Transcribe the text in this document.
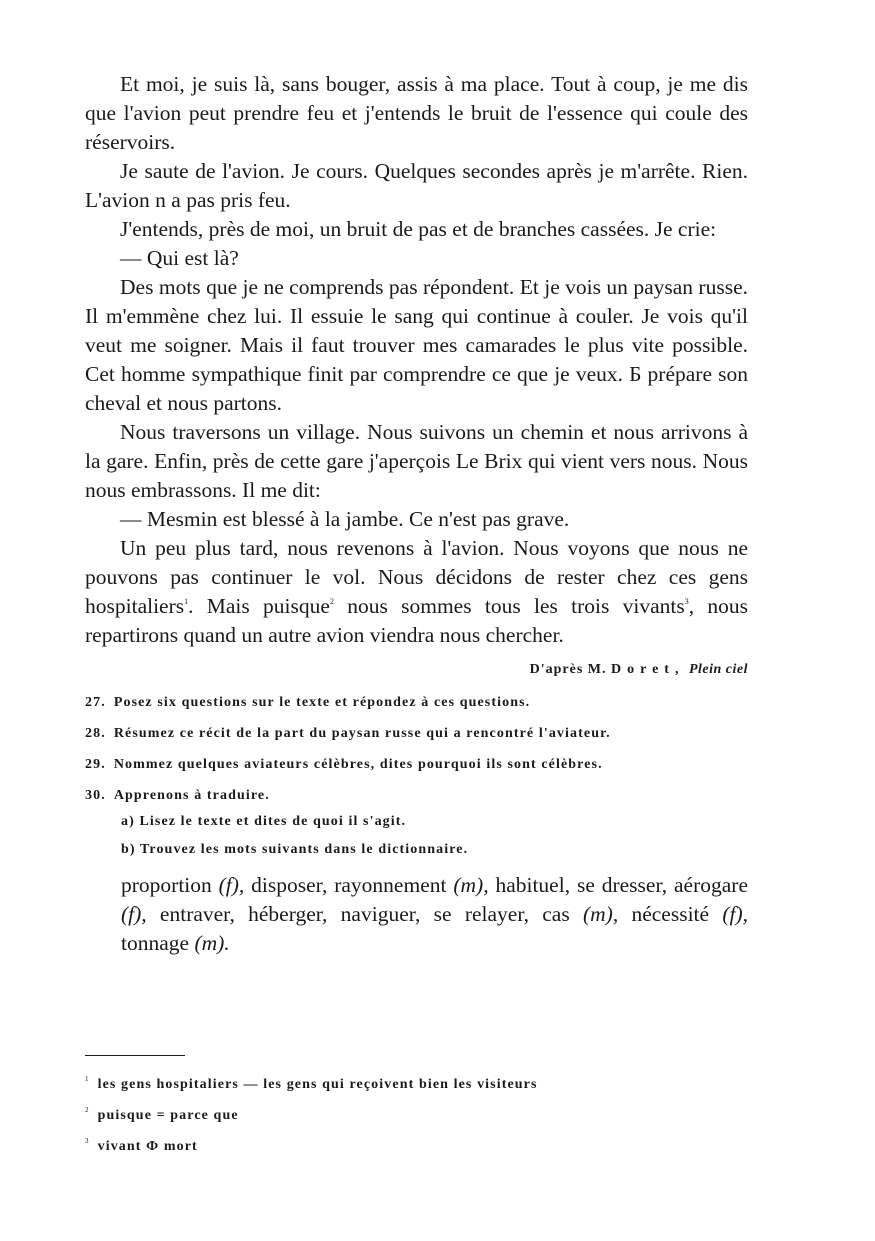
Et moi, je suis là, sans bouger, assis à ma place. Tout à coup, je me dis que l'avion peut prendre feu et j'entends le bruit de l'essence qui coule des réservoirs.

Je saute de l'avion. Je cours. Quelques secondes après je m'arrête. Rien. L'avion n a pas pris feu.

J'entends, près de moi, un bruit de pas et de branches cassées. Je crie:

— Qui est là?

Des mots que je ne comprends pas répondent. Et je vois un paysan russe. Il m'emmène chez lui. Il essuie le sang qui continue à couler. Je vois qu'il veut me soigner. Mais il faut trouver mes camarades le plus vite possible. Cet homme sympathique finit par comprendre ce que je veux. Б prépare son cheval et nous partons.

Nous traversons un village. Nous suivons un chemin et nous arrivons à la gare. Enfin, près de cette gare j'aperçois Le Brix qui vient vers nous. Nous nous embrassons. Il me dit:

— Mesmin est blessé à la jambe. Ce n'est pas grave.

Un peu plus tard, nous revenons à l'avion. Nous voyons que nous ne pouvons pas continuer le vol. Nous décidons de rester chez ces gens hospitaliers$^1$. Mais puisque$^2$ nous sommes tous les trois vivants$^3$, nous repartirons quand un autre avion viendra nous chercher.

D'après M. Doret, Plein ciel
27. Posez six questions sur le texte et répondez à ces questions.
28. Résumez ce récit de la part du paysan russe qui a rencontré l'aviateur.
29. Nommez quelques aviateurs célèbres, dites pourquoi ils sont célèbres.
30. Apprenons à traduire.
a) Lisez le texte et dites de quoi il s'agit.
b) Trouvez les mots suivants dans le dictionnaire.

proportion (f), disposer, rayonnement (m), habituel, se dresser, aérogare (f), entraver, héberger, naviguer, se relayer, cas (m), nécessité (f), tonnage (m).

$^1$ les gens hospitaliers — les gens qui reçoivent bien les visiteurs
$^2$ puisque = parce que
$^3$ vivant Ф mort
